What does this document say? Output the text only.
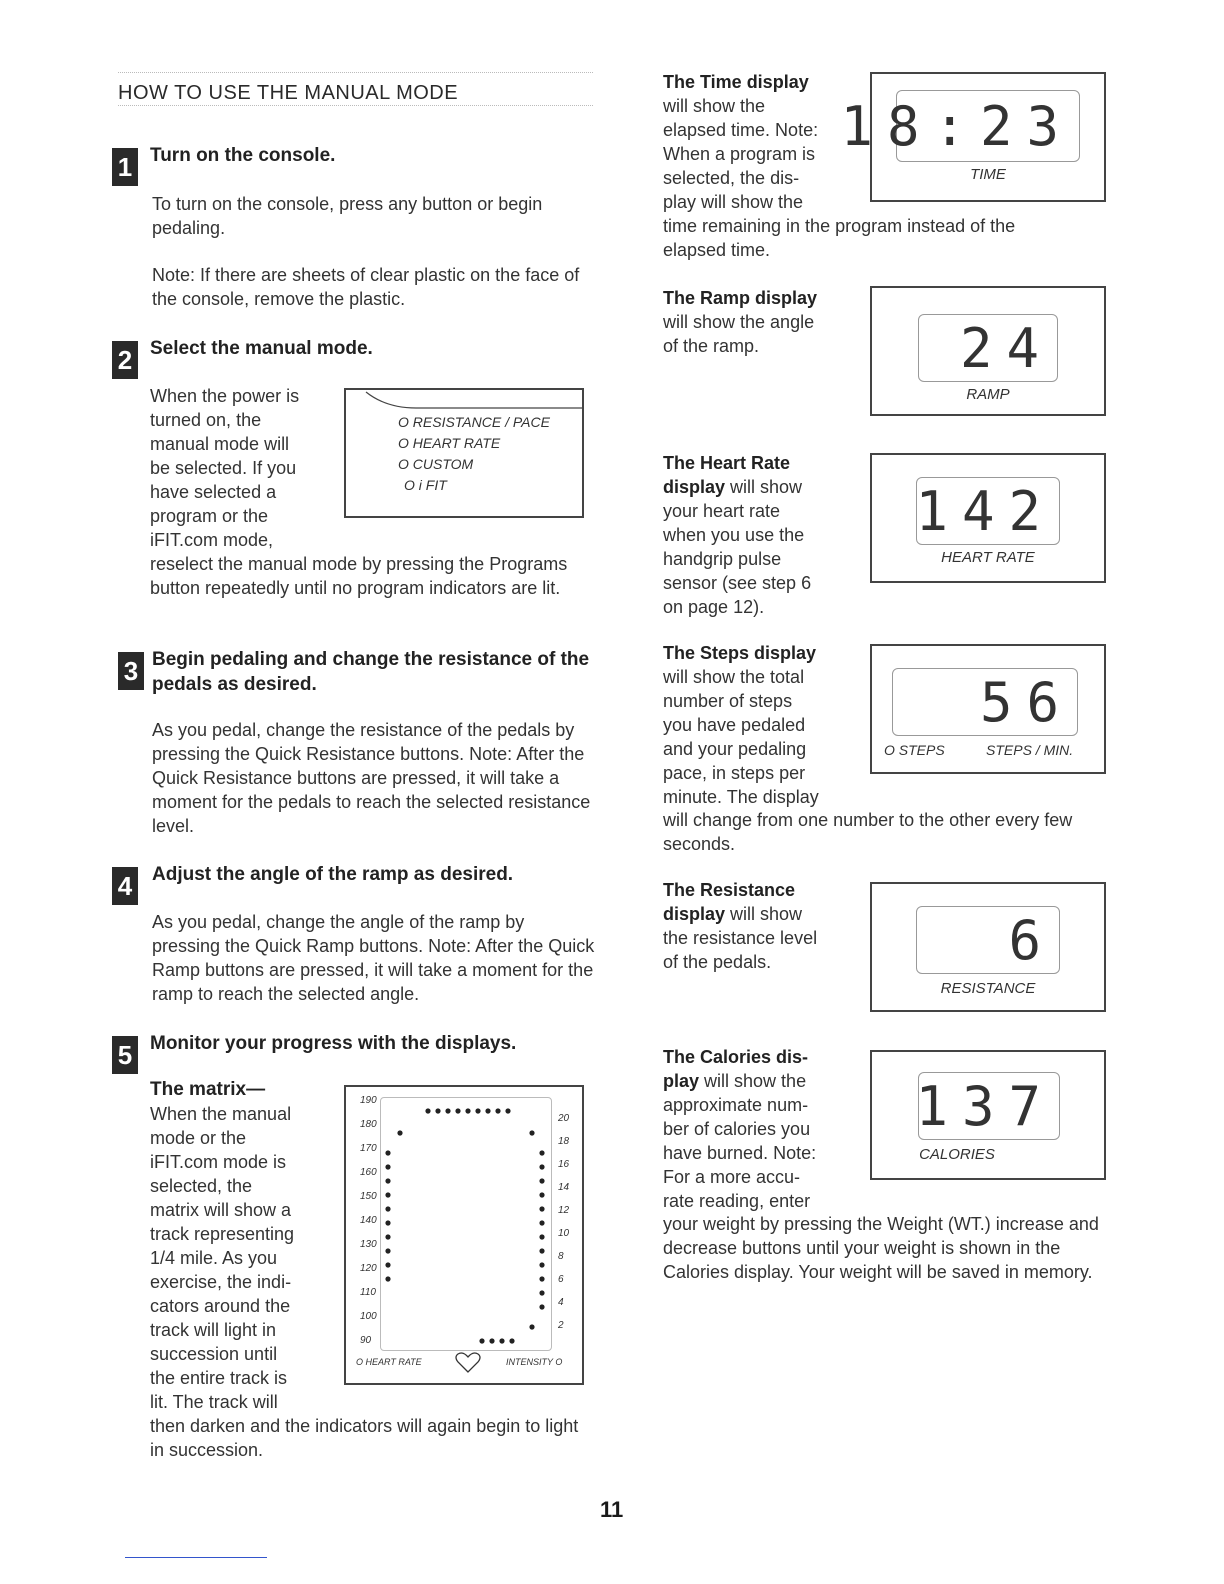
HOW TO USE THE MANUAL MODE
1 Turn on the console.
To turn on the console, press any button or begin pedaling.
Note: If there are sheets of clear plastic on the face of the console, remove the plastic.
2 Select the manual mode.
When the power is
turned on, the
manual mode will
be selected. If you
have selected a
program or the
iFIT.com mode,
reselect the manual mode by pressing the Programs button repeatedly until no program indicators are lit.
O RESISTANCE / PACE
O HEART RATE
O CUSTOM
O i FIT
3 Begin pedaling and change the resistance of the pedals as desired.
As you pedal, change the resistance of the pedals by pressing the Quick Resistance buttons. Note: After the Quick Resistance buttons are pressed, it will take a moment for the pedals to reach the selected resistance level.
4	Adjust the angle of the ramp as desired.
As you pedal, change the angle of the ramp by pressing the Quick Ramp buttons. Note: After the Quick Ramp buttons are pressed, it will take a moment for the ramp to reach the selected angle.
5 Monitor your progress with the displays.
The matrix—
When the manual
mode or the
iFIT.com mode is
selected, the
matrix will show a
track representing
1/4 mile. As you
exercise, the indi-
cators around the
track will light in
succession until
the entire track is
lit. The track will
then darken and the indicators will again begin to light in succession.
190
180
170
160
150
140
130
120
110
100
90
20
18
16
14
12
10
8
6
4
2
O HEART RATE	INTENSITY O
The Time display
will show the
elapsed time. Note:
When a program is
selected, the dis-
play will show the
time remaining in the program instead of the elapsed time.
18:23
TIME
The Ramp display
will show the angle
of the ramp.	24
RAMP
The Heart Rate
display will show
your heart rate
when you use the
handgrip pulse
sensor (see step 6
on page 12).
142
HEART RATE
The Steps display
will show the total
number of steps
you have pedaled
and your pedaling
pace, in steps per
minute. The display
will change from one number to the other every few seconds.
56
O STEPS	STEPS / MIN.
The Resistance
display will show
the resistance level
of the pedals.	6
RESISTANCE
The Calories dis-
play will show the
approximate num-
ber of calories you
have burned. Note:
For a more accu-
rate reading, enter
your weight by pressing the Weight (WT.) increase and decrease buttons until your weight is shown in the Calories display. Your weight will be saved in memory.
137
CALORIES
11
